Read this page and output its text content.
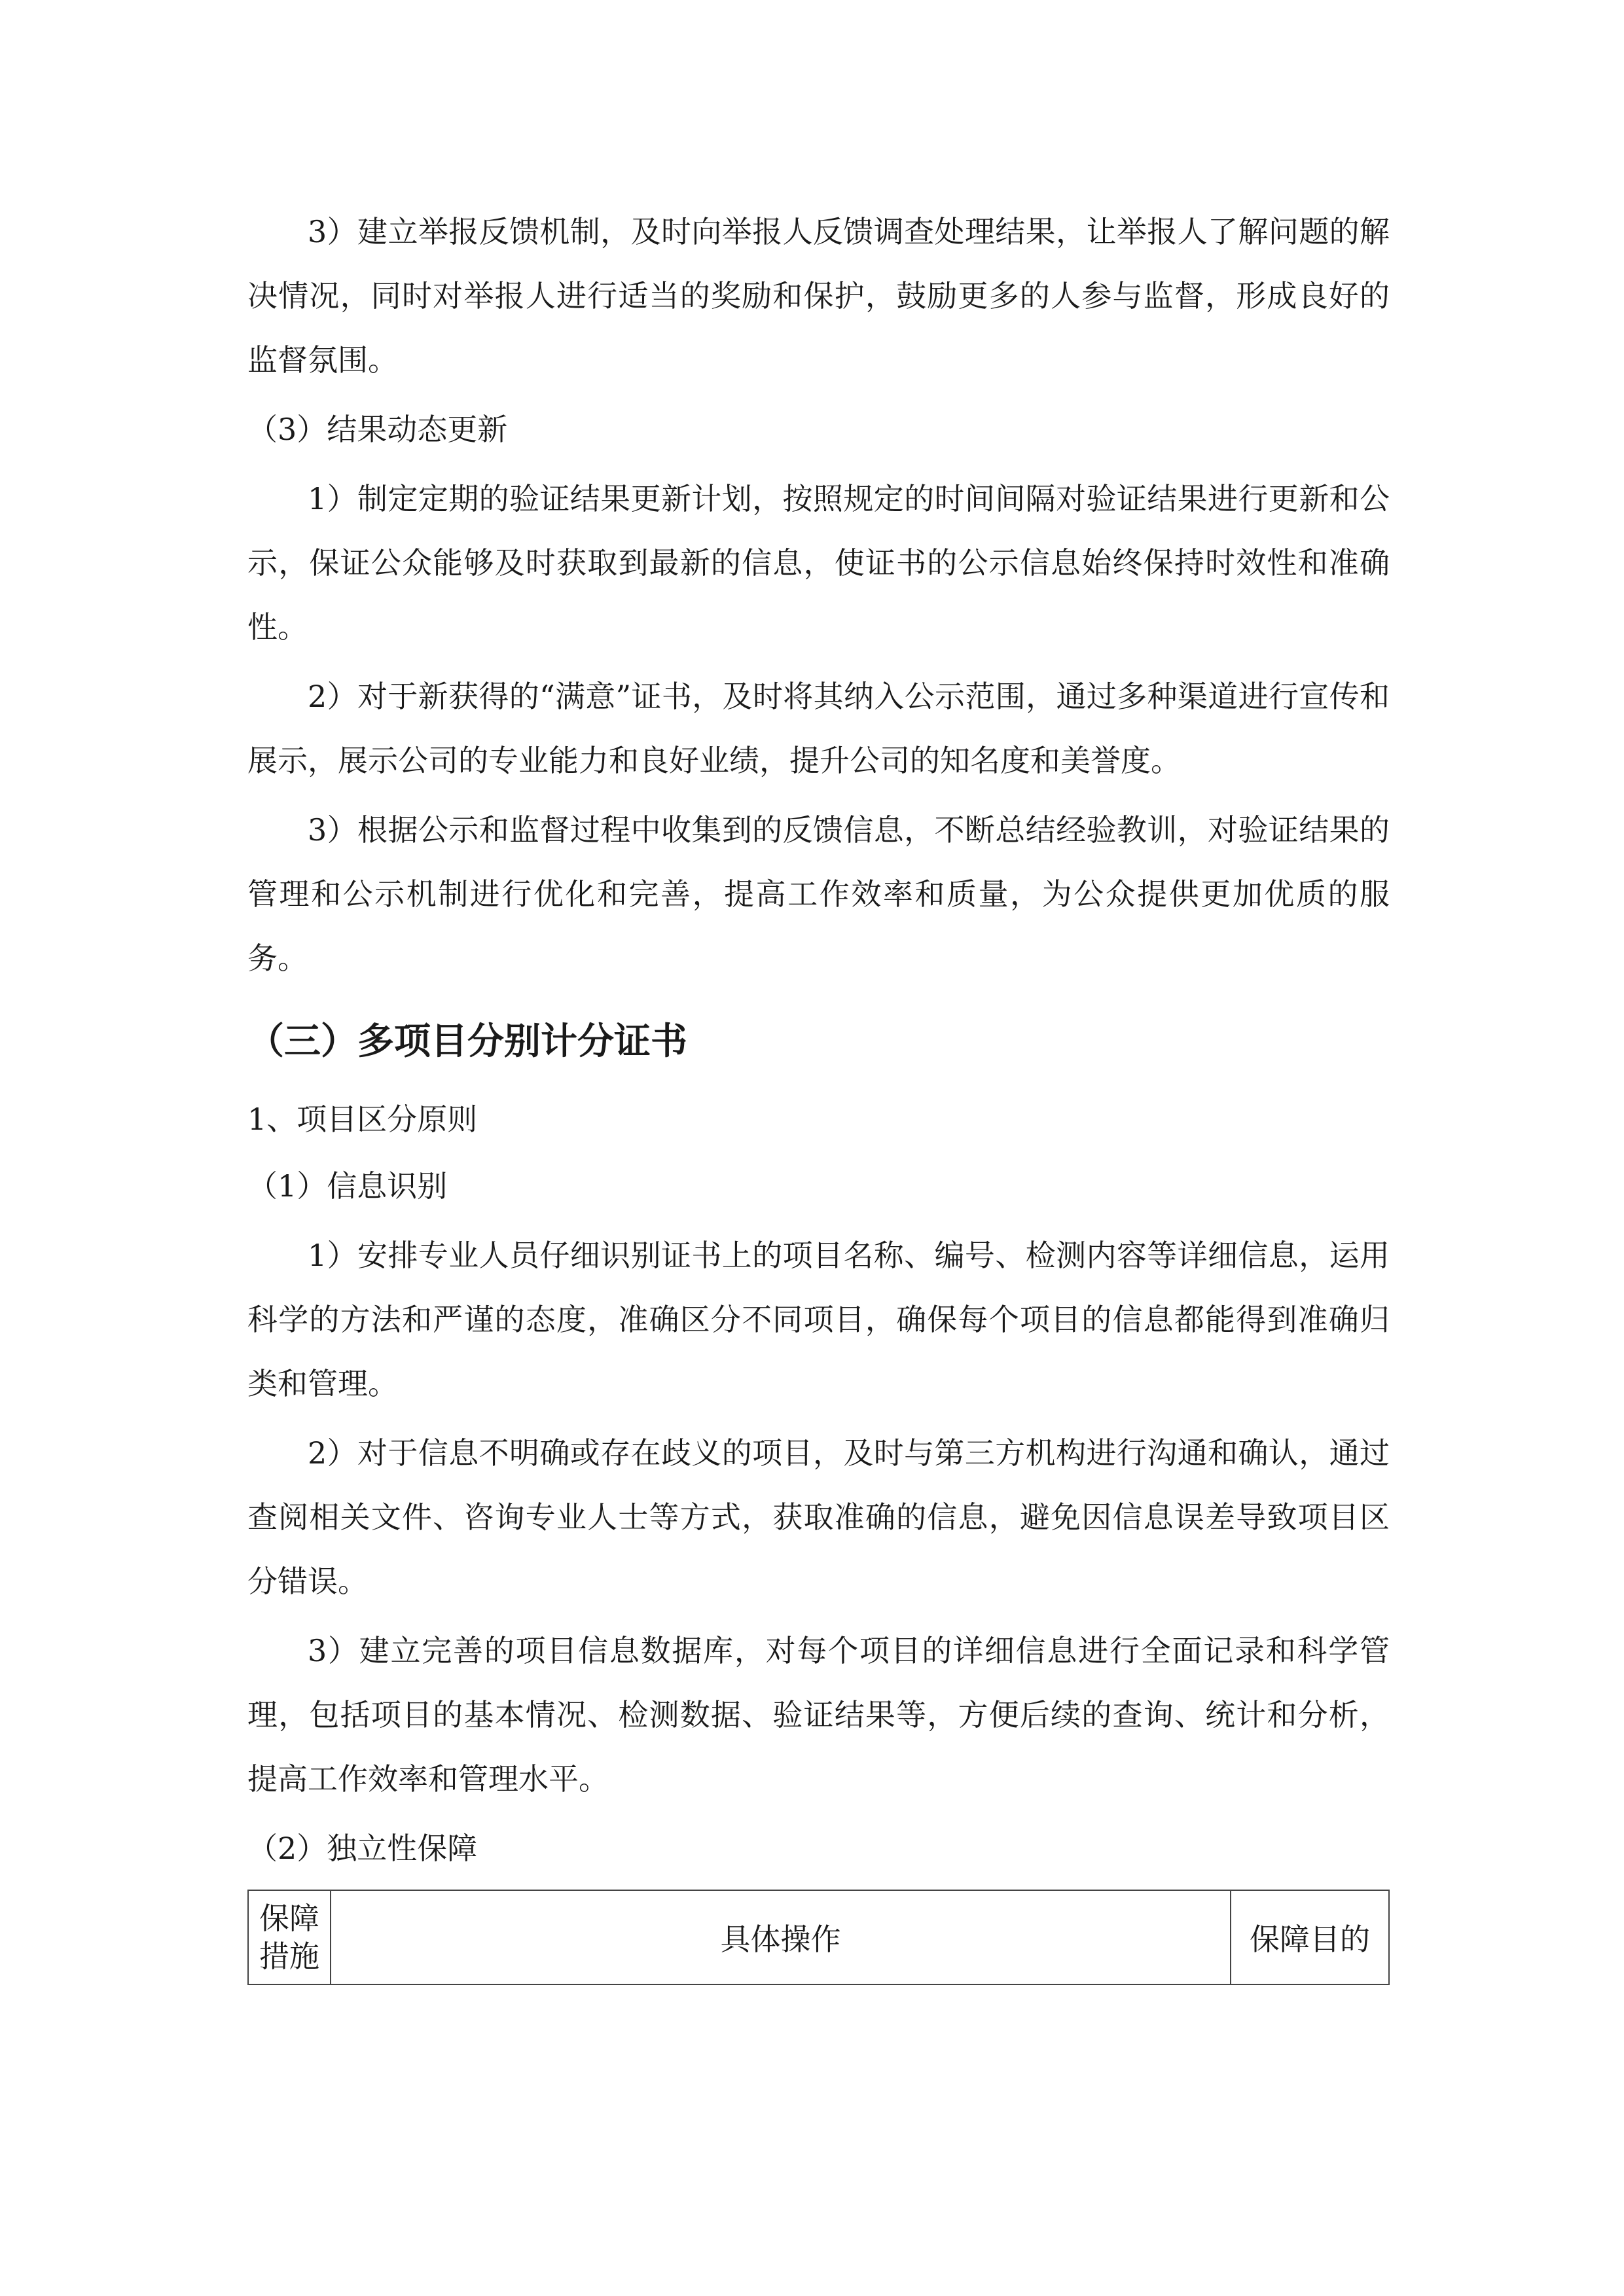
3）建立举报反馈机制，及时向举报人反馈调查处理结果，让举报人了解问题的解决情况，同时对举报人进行适当的奖励和保护，鼓励更多的人参与监督，形成良好的监督氛围。

（3）结果动态更新

1）制定定期的验证结果更新计划，按照规定的时间间隔对验证结果进行更新和公示，保证公众能够及时获取到最新的信息，使证书的公示信息始终保持时效性和准确性。

2）对于新获得的“满意”证书，及时将其纳入公示范围，通过多种渠道进行宣传和展示，展示公司的专业能力和良好业绩，提升公司的知名度和美誉度。

3）根据公示和监督过程中收集到的反馈信息，不断总结经验教训，对验证结果的管理和公示机制进行优化和完善，提高工作效率和质量，为公众提供更加优质的服务。

（三）多项目分别计分证书

1、项目区分原则

（1）信息识别

1）安排专业人员仔细识别证书上的项目名称、编号、检测内容等详细信息，运用科学的方法和严谨的态度，准确区分不同项目，确保每个项目的信息都能得到准确归类和管理。

2）对于信息不明确或存在歧义的项目，及时与第三方机构进行沟通和确认，通过查阅相关文件、咨询专业人士等方式，获取准确的信息，避免因信息误差导致项目区分错误。

3）建立完善的项目信息数据库，对每个项目的详细信息进行全面记录和科学管理，包括项目的基本情况、检测数据、验证结果等，方便后续的查询、统计和分析，提高工作效率和管理水平。

（2）独立性保障

保障措施	具体操作	保障目的
